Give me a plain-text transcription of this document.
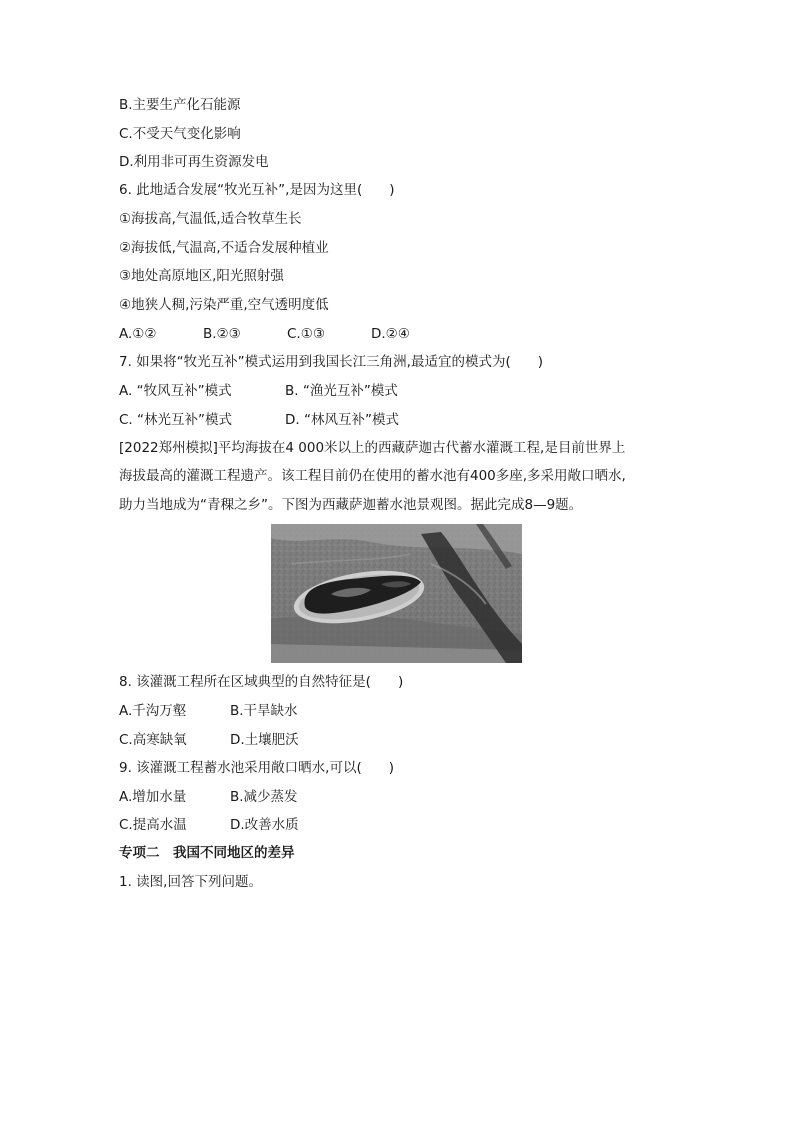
B.主要生产化石能源
C.不受天气变化影响
D.利用非可再生资源发电
6. 此地适合发展“牧光互补”,是因为这里(　　)
①海拔高,气温低,适合牧草生长
②海拔低,气温高,不适合发展种植业
③地处高原地区,阳光照射强
④地狭人稠,污染严重,空气透明度低
A.①②	B.②③	C.①③	D.②④
7. 如果将“牧光互补”模式运用到我国长江三角洲,最适宜的模式为(　　)
A. “牧风互补”模式	B. “渔光互补”模式
C. “林光互补”模式	D. “林风互补”模式
[2022郑州模拟]平均海拔在4 000米以上的西藏萨迦古代蓄水灌溉工程,是目前世界上
海拔最高的灌溉工程遗产。该工程目前仍在使用的蓄水池有400多座,多采用敞口晒水,
助力当地成为“青稞之乡”。下图为西藏萨迦蓄水池景观图。据此完成8—9题。
8. 该灌溉工程所在区域典型的自然特征是(　　)
A.千沟万壑	B.干旱缺水
C.高寒缺氧	D.土壤肥沃
9. 该灌溉工程蓄水池采用敞口晒水,可以(　　)
A.增加水量	B.减少蒸发
C.提高水温	D.改善水质
专项二　我国不同地区的差异
1. 读图,回答下列问题。
